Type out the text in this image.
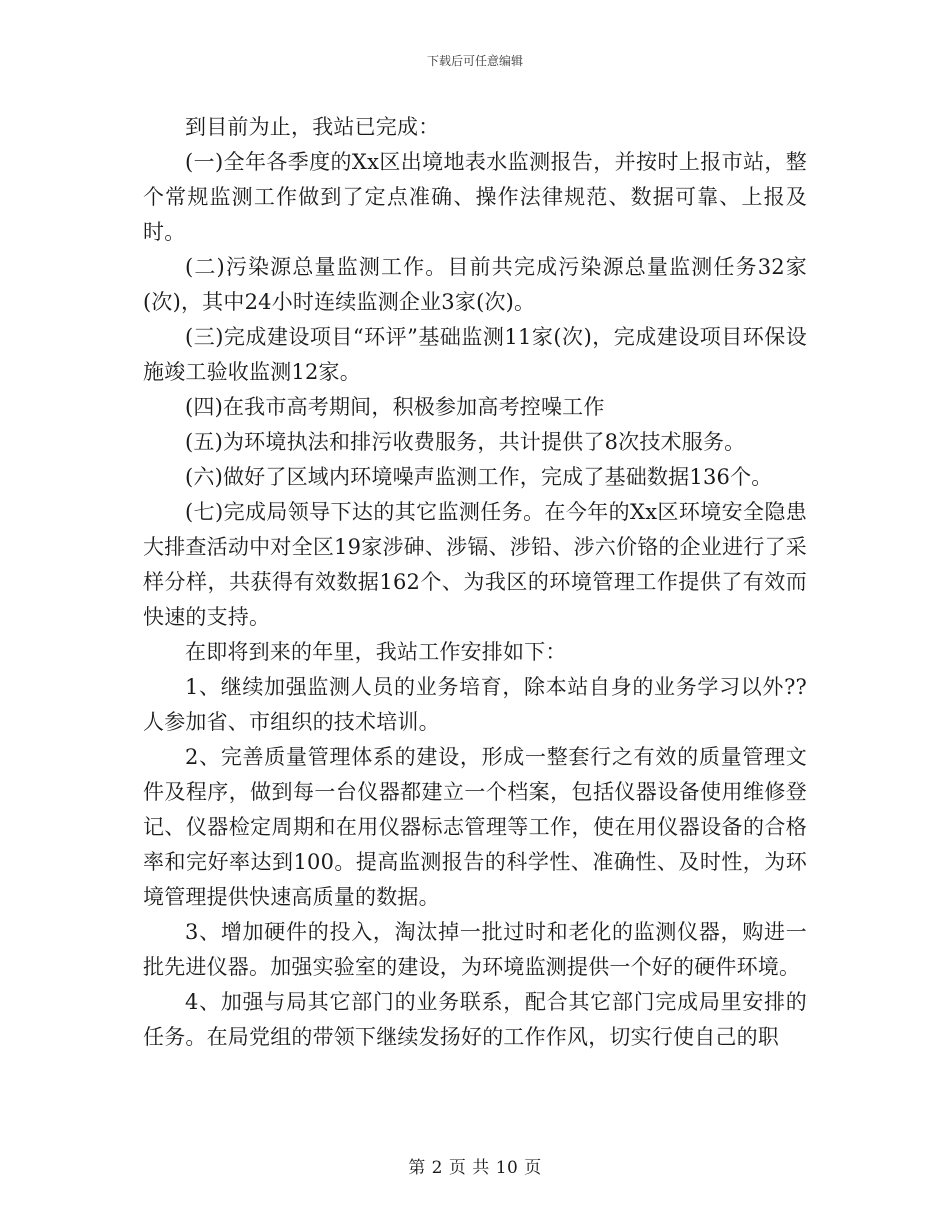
下载后可任意编辑

到目前为止，我站已完成：

(一)全年各季度的Xx区出境地表水监测报告，并按时上报市站，整个常规监测工作做到了定点准确、操作法律规范、数据可靠、上报及时。

(二)污染源总量监测工作。目前共完成污染源总量监测任务32家(次)，其中24小时连续监测企业3家(次)。

(三)完成建设项目“环评”基础监测11家(次)，完成建设项目环保设施竣工验收监测12家。

(四)在我市高考期间，积极参加高考控噪工作

(五)为环境执法和排污收费服务，共计提供了8次技术服务。

(六)做好了区域内环境噪声监测工作，完成了基础数据136个。

(七)完成局领导下达的其它监测任务。在今年的Xx区环境安全隐患大排查活动中对全区19家涉砷、涉镉、涉铅、涉六价铬的企业进行了采样分样，共获得有效数据162个、为我区的环境管理工作提供了有效而快速的支持。

在即将到来的年里，我站工作安排如下：

1、继续加强监测人员的业务培育，除本站自身的业务学习以外??人参加省、市组织的技术培训。

2、完善质量管理体系的建设，形成一整套行之有效的质量管理文件及程序，做到每一台仪器都建立一个档案，包括仪器设备使用维修登记、仪器检定周期和在用仪器标志管理等工作，使在用仪器设备的合格率和完好率达到100。提高监测报告的科学性、准确性、及时性，为环境管理提供快速高质量的数据。

3、增加硬件的投入，淘汰掉一批过时和老化的监测仪器，购进一批先进仪器。加强实验室的建设，为环境监测提供一个好的硬件环境。

4、加强与局其它部门的业务联系，配合其它部门完成局里安排的任务。在局党组的带领下继续发扬好的工作作风，切实行使自己的职

第 2 页 共 10 页
